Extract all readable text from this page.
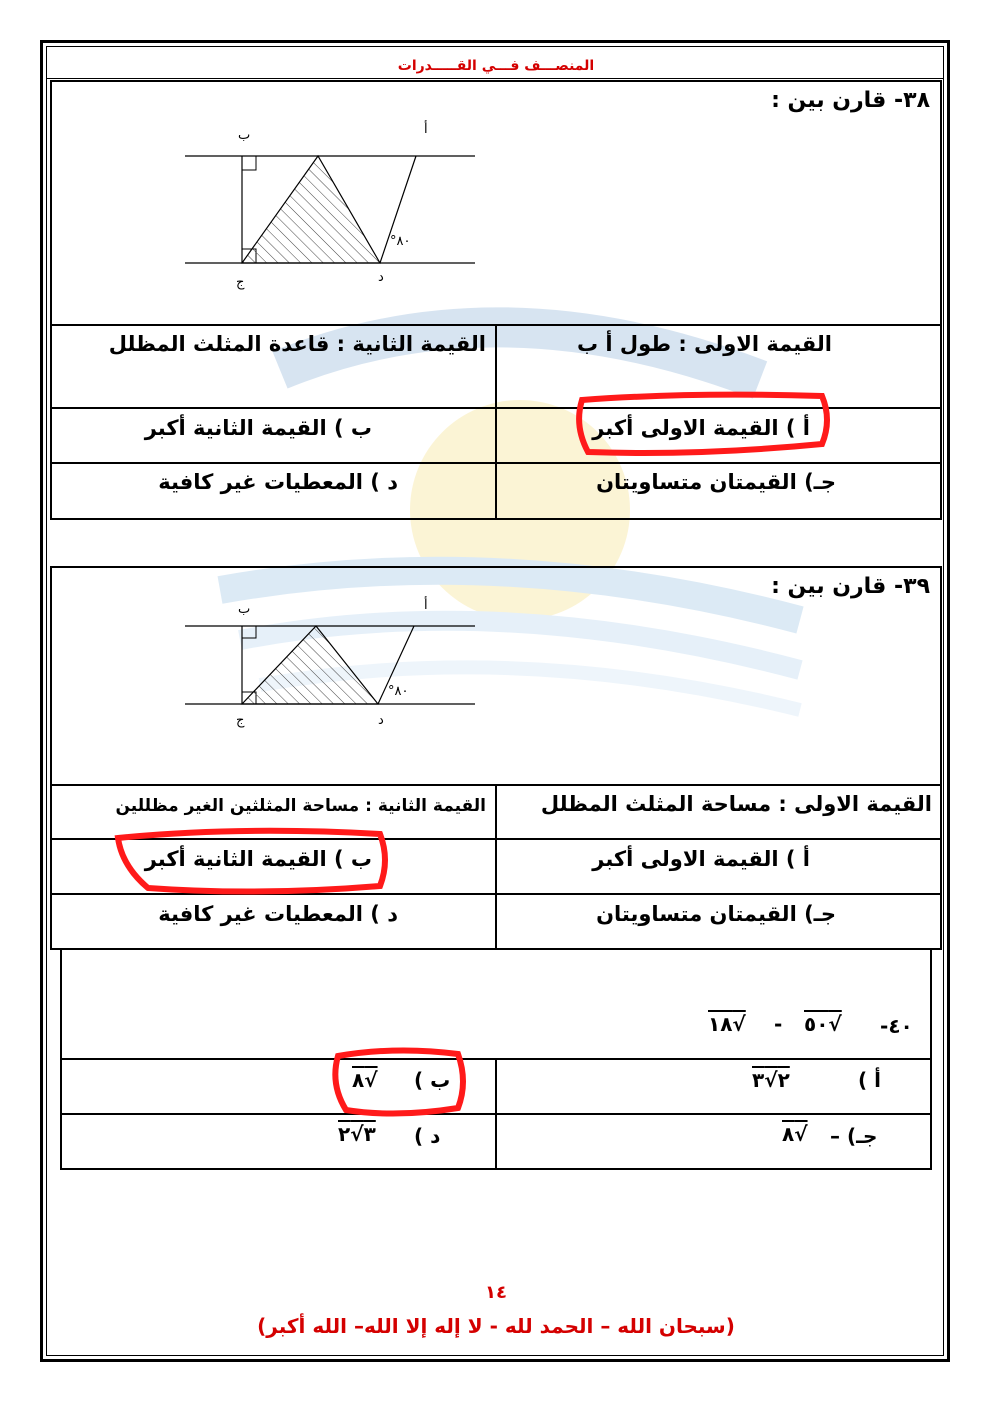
المنصـــف فـــي القـــــدرات
٣٨- قارن بين :
أ
ب
ج	د
°٨٠
القيمة الاولى : طول أ ب
القيمة الثانية : قاعدة المثلث المظلل
أ ) القيمة الاولى أكبر
ب ) القيمة الثانية أكبر
جـ) القيمتان متساويتان
د ) المعطيات غير كافية
٣٩- قارن بين :
أ
ب
ج	د
°٨٠
القيمة الاولى : مساحة المثلث المظلل
القيمة الثانية : مساحة المثلثين الغير مظللين
أ ) القيمة الاولى أكبر
ب ) القيمة الثانية أكبر
جـ) القيمتان متساويتان
د ) المعطيات غير كافية
-٤٠
١٨√ - ٥٠√
أ )
٢√٣
ب )
٨√
جـ) –
٨√
د )
٣√٢
١٤
(سبحان الله – الحمد لله - لا إله إلا الله– الله أكبر)
